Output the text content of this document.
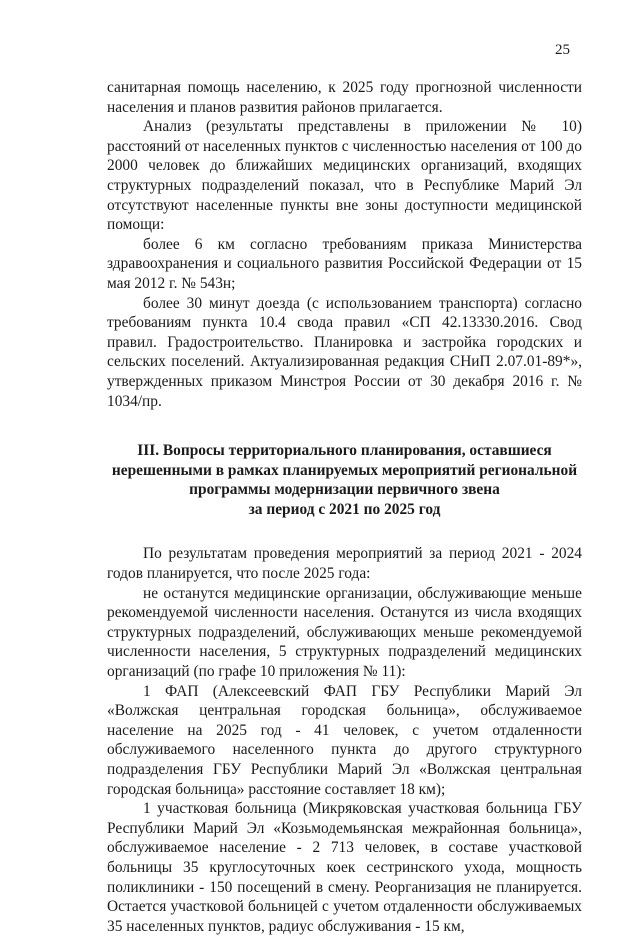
25

санитарная помощь населению, к 2025 году прогнозной численности населения и планов развития районов прилагается.

Анализ (результаты представлены в приложении № 10) расстояний от населенных пунктов с численностью населения от 100 до 2000 человек до ближайших медицинских организаций, входящих структурных подразделений показал, что в Республике Марий Эл отсутствуют населенные пункты вне зоны доступности медицинской помощи:

более 6 км согласно требованиям приказа Министерства здравоохранения и социального развития Российской Федерации от 15 мая 2012 г. № 543н;

более 30 минут доезда (с использованием транспорта) согласно требованиям пункта 10.4 свода правил «СП 42.13330.2016. Свод правил. Градостроительство. Планировка и застройка городских и сельских поселений. Актуализированная редакция СНиП 2.07.01-89*», утвержденных приказом Минстроя России от 30 декабря 2016 г. № 1034/пр.

III. Вопросы территориального планирования, оставшиеся
нерешенными в рамках планируемых мероприятий региональной
программы модернизации первичного звена
за период с 2021 по 2025 год

По результатам проведения мероприятий за период 2021 - 2024 годов планируется, что после 2025 года:

не останутся медицинские организации, обслуживающие меньше рекомендуемой численности населения. Останутся из числа входящих структурных подразделений, обслуживающих меньше рекомендуемой численности населения, 5 структурных подразделений медицинских организаций (по графе 10 приложения № 11):

1 ФАП (Алексеевский ФАП ГБУ Республики Марий Эл «Волжская центральная городская больница», обслуживаемое население на 2025 год - 41 человек, с учетом отдаленности обслуживаемого населенного пункта до другого структурного подразделения ГБУ Республики Марий Эл «Волжская центральная городская больница» расстояние составляет 18 км);

1 участковая больница (Микряковская участковая больница ГБУ Республики Марий Эл «Козьмодемьянская межрайонная больница», обслуживаемое население - 2 713 человек, в составе участковой больницы 35 круглосуточных коек сестринского ухода, мощность поликлиники - 150 посещений в смену. Реорганизация не планируется. Остается участковой больницей с учетом отдаленности обслуживаемых 35 населенных пунктов, радиус обслуживания - 15 км,
